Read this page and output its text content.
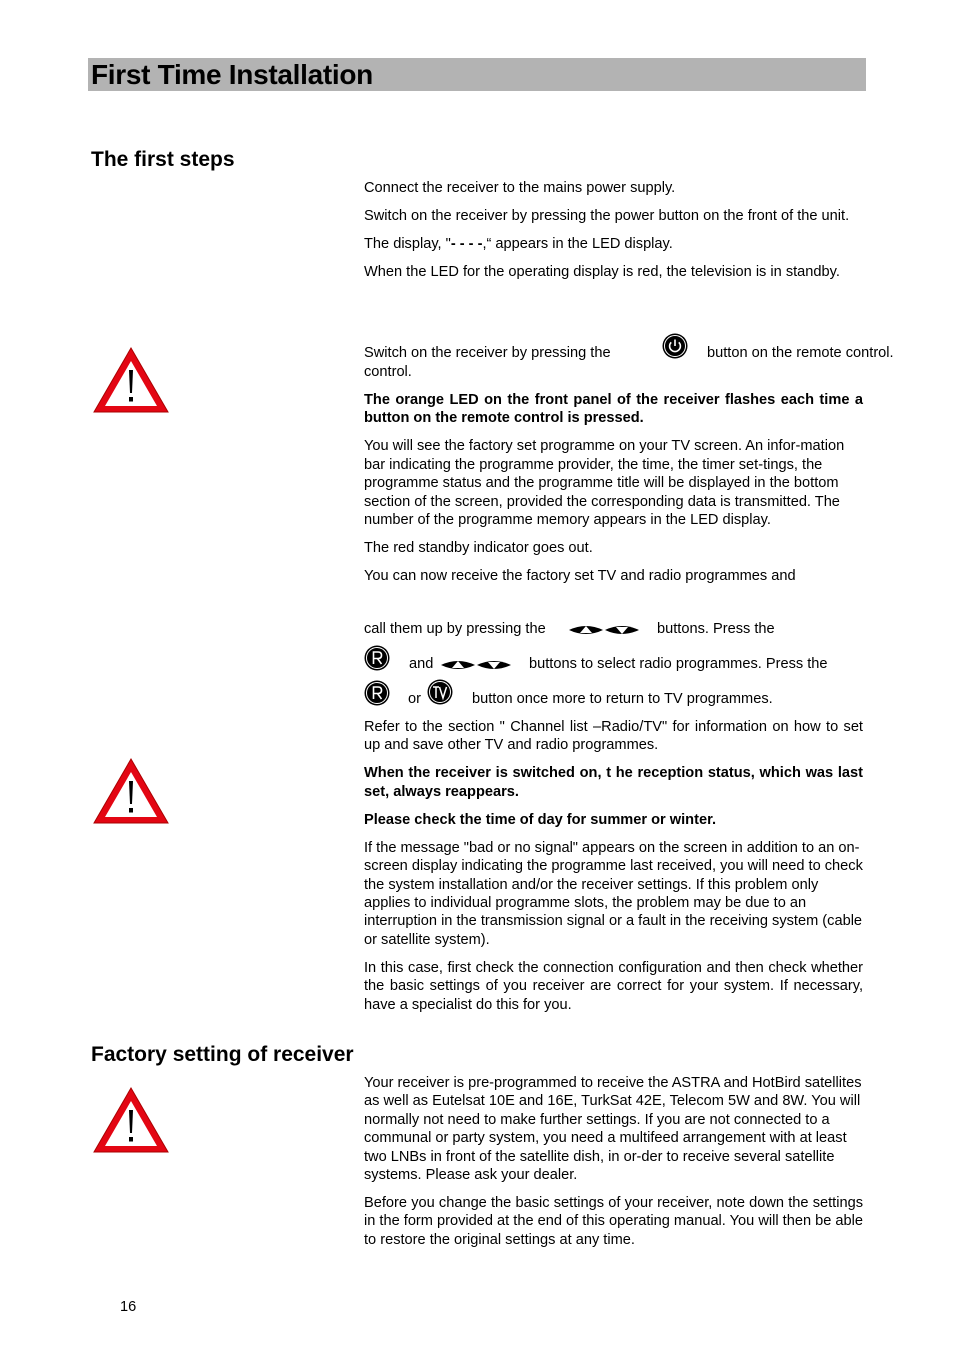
First Time Installation
The first steps

Connect the receiver to the mains power supply.

Switch on the receiver by pressing the power button on the front of the unit.

The display, "- - - -,“ appears in the LED display.

When the LED for the operating display is red, the television is in standby.

Switch on the receiver by pressing the	button on the remote control.
control.

The orange LED on the front panel of the receiver flashes each time a button on the remote control is pressed.

You will see the factory set programme on your TV screen. An infor-mation bar indicating the programme provider, the time, the timer set-tings, the programme status and the programme title will be displayed in the bottom section of the screen, provided the corresponding data is transmitted. The number of the programme memory appears in the LED display.

The red standby indicator goes out.

You can now receive the factory set TV and radio programmes and

call them up by pressing the	buttons. Press the
and	buttons to select radio programmes. Press the
or	button once more to return to TV programmes.

Refer to the section " Channel list –Radio/TV" for information on how to set up and save other TV and radio programmes.

When the receiver is switched on, t he reception status, which was last set, always reappears.

Please check the time of day for summer or winter.

If the message "bad or no signal" appears on the screen in addition to an on-screen display indicating the programme last received, you will need to check the system installation and/or the receiver settings. If this problem only applies to individual programme slots, the problem may be due to an interruption in the transmission signal or a fault in the receiving system (cable or satellite system).

In this case, first check the connection configuration and then check whether the basic settings of you receiver are correct for your system. If necessary, have a specialist do this for you.

Factory setting of receiver

Your receiver is pre-programmed to receive the ASTRA and HotBird satellites as well as Eutelsat 10E and 16E, TurkSat 42E, Telecom 5W and 8W. You will normally not need to make further settings. If you are not connected to a communal or party system, you need a multifeed arrangement with at least two LNBs in front of the satellite dish, in or-der to receive several satellite systems. Please ask your dealer.

Before you change the basic settings of your receiver, note down the settings in the form provided at the end of this operating manual. You will then be able to restore the original settings at any time.

16
